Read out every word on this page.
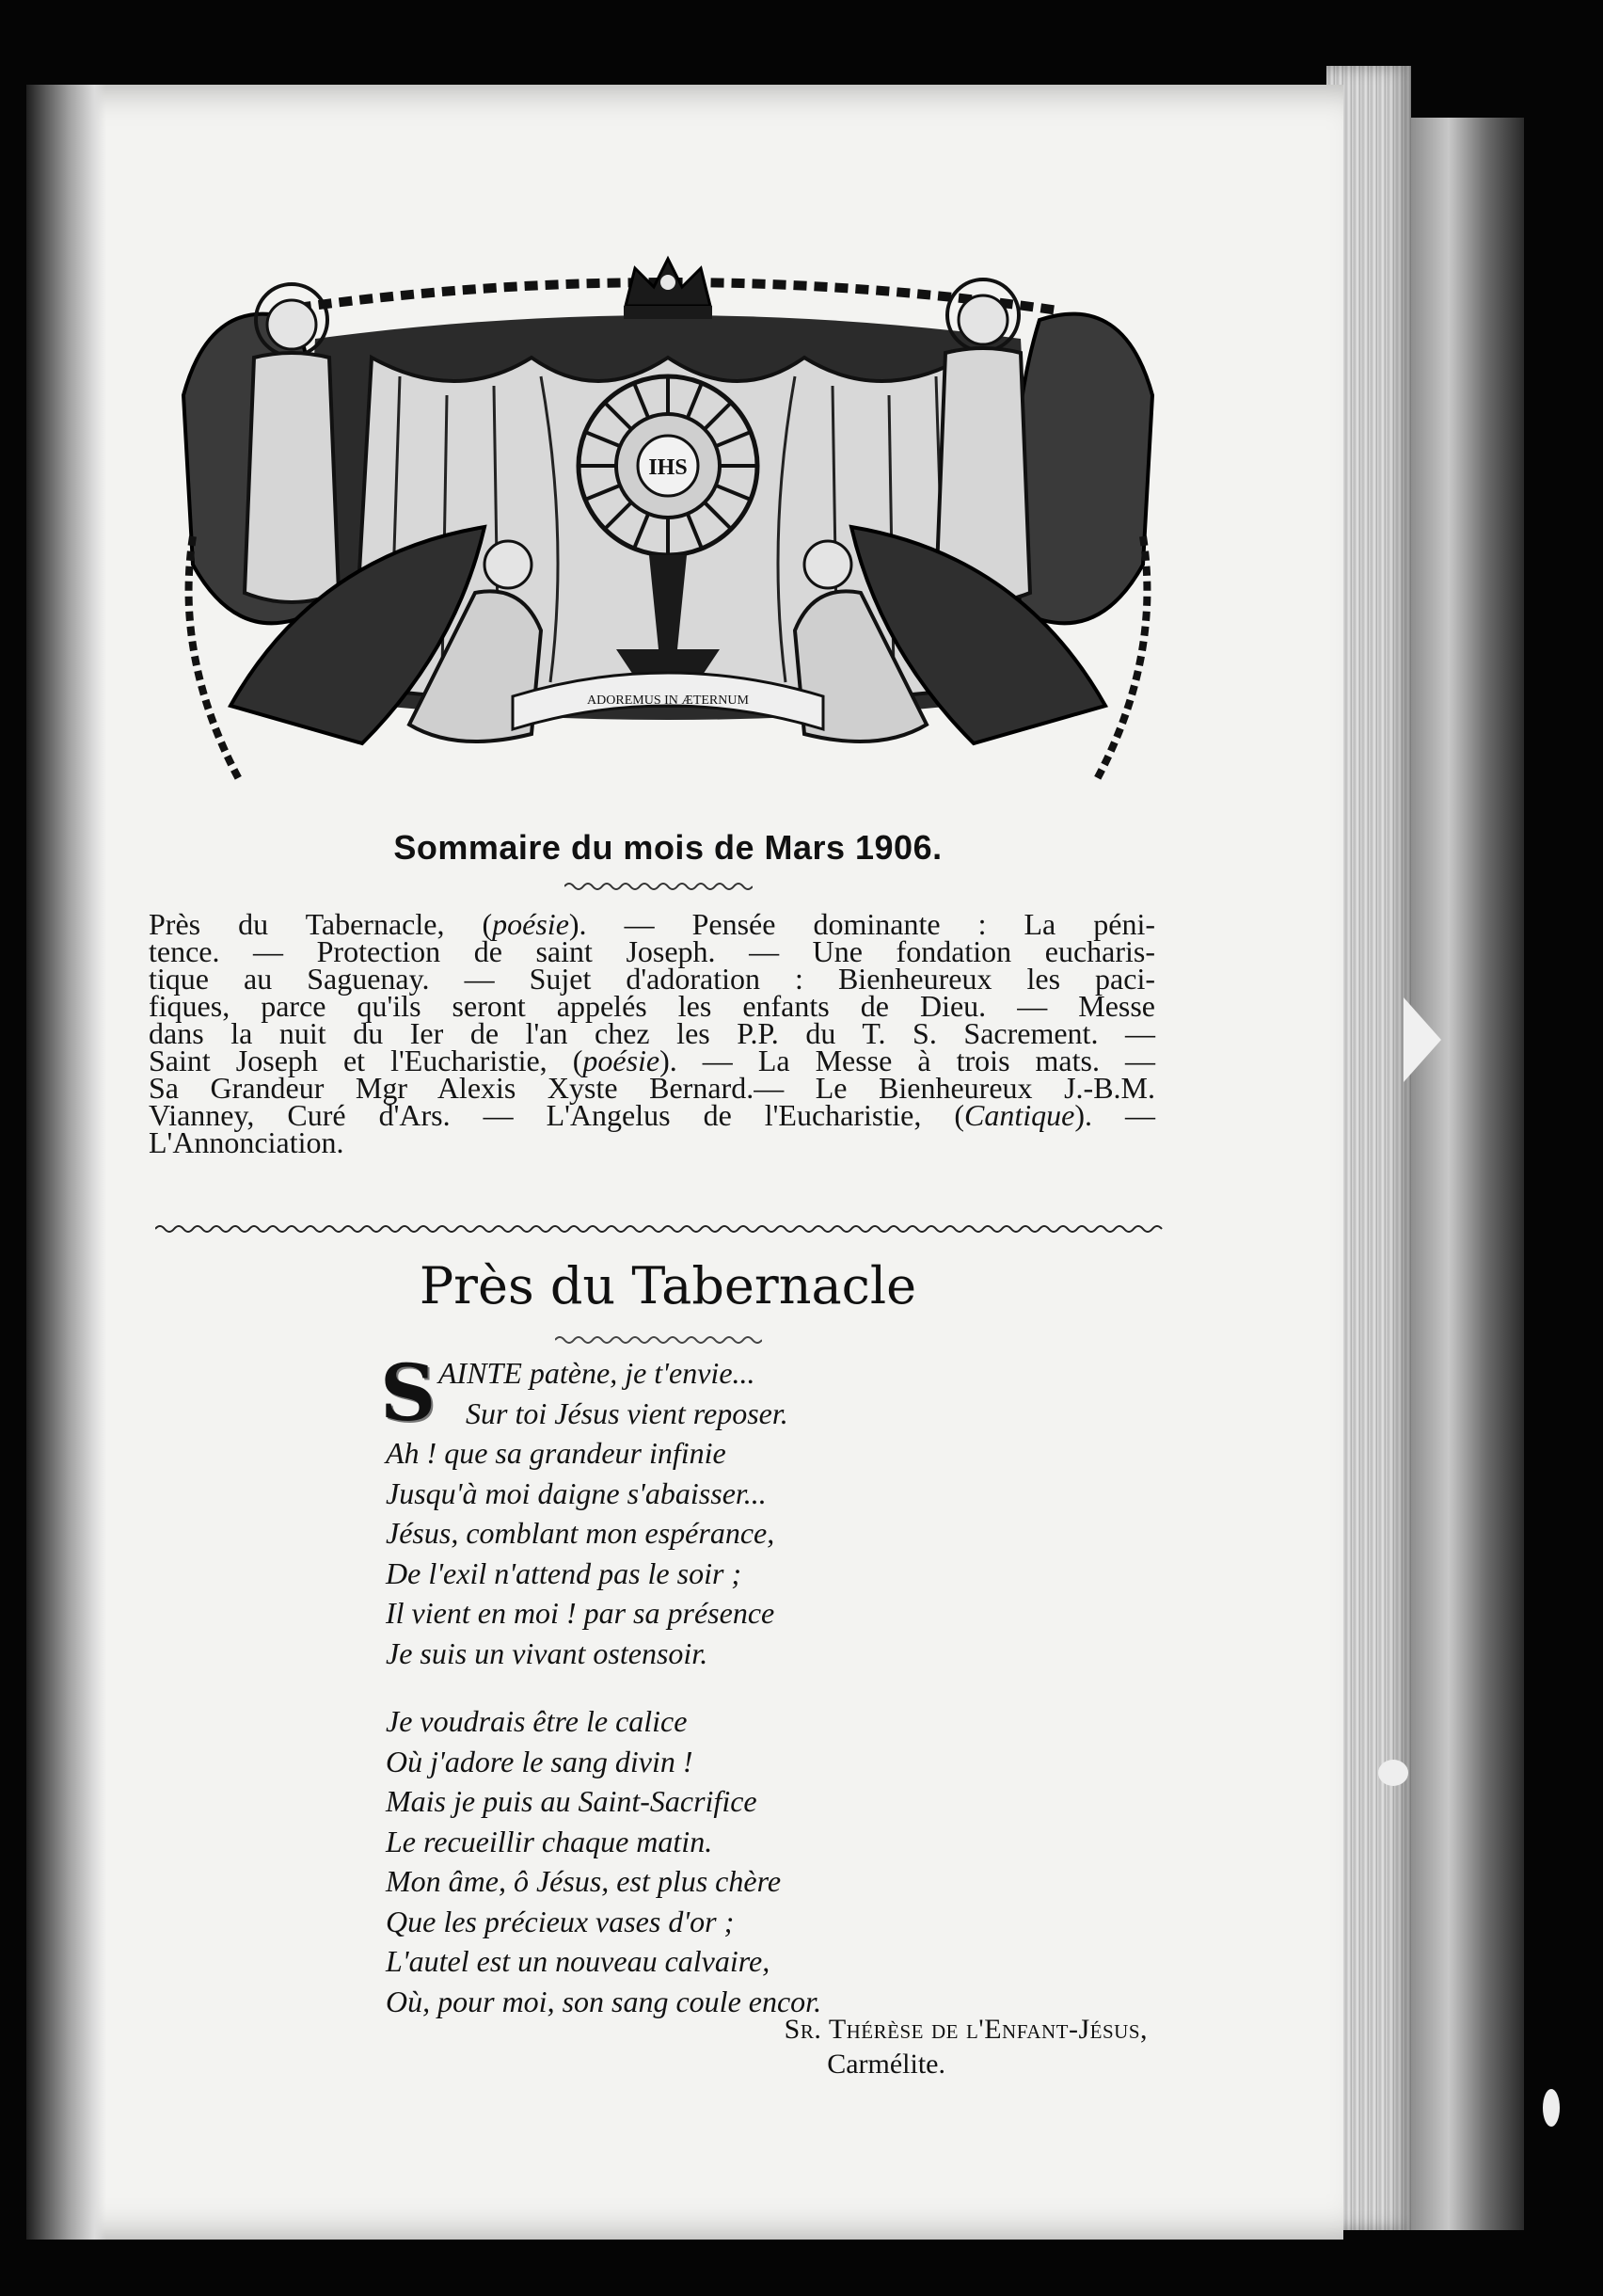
IHS
ADOREMUS IN ÆTERNUM
Sommaire du mois de Mars 1906.

Près du Tabernacle, (poésie). — Pensée dominante : La péni-

tence. — Protection de saint Joseph. — Une fondation eucharis-

tique au Saguenay. — Sujet d'adoration : Bienheureux les paci-

fiques, parce qu'ils seront appelés les enfants de Dieu. — Messe

dans la nuit du Ier de l'an chez les P.P. du T. S. Sacrement. —

Saint Joseph et l'Eucharistie, (poésie). — La Messe à trois mats. —

Sa Grandeur Mgr Alexis Xyste Bernard.— Le Bienheureux J.-B.M.

Vianney, Curé d'Ars. — L'Angelus de l'Eucharistie, (Cantique). —

L'Annonciation.

Près du Tabernacle
S AINTE patène, je t'envie...
Sur toi Jésus vient reposer.
Ah ! que sa grandeur infinie
Jusqu'à moi daigne s'abaisser...
Jésus, comblant mon espérance,
De l'exil n'attend pas le soir ;
Il vient en moi ! par sa présence
Je suis un vivant ostensoir.
Je voudrais être le calice
Où j'adore le sang divin !
Mais je puis au Saint-Sacrifice
Le recueillir chaque matin.
Mon âme, ô Jésus, est plus chère
Que les précieux vases d'or ;
L'autel est un nouveau calvaire,
Où, pour moi, son sang coule encor.
Sr. Thérèse de l'Enfant-Jésus,
Carmélite.
